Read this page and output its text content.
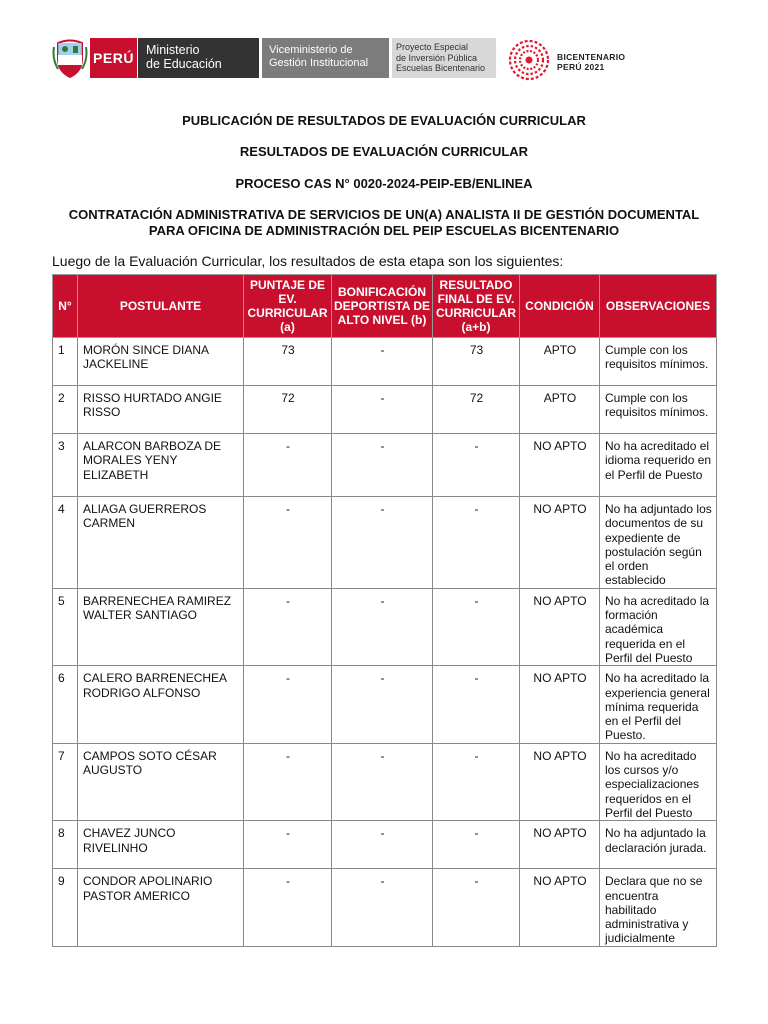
PERÚ Ministerio
de Educación
Viceministerio de
Gestión Institucional
Proyecto Especial
de Inversión Pública
Escuelas Bicentenario
BICENTENARIO
PERÚ 2021
PUBLICACIÓN DE RESULTADOS DE EVALUACIÓN CURRICULAR
RESULTADOS DE EVALUACIÓN CURRICULAR
PROCESO CAS N° 0020-2024-PEIP-EB/ENLINEA
CONTRATACIÓN ADMINISTRATIVA DE SERVICIOS DE UN(A) ANALISTA II DE GESTIÓN DOCUMENTAL
PARA OFICINA DE ADMINISTRACIÓN DEL PEIP ESCUELAS BICENTENARIO
Luego de la Evaluación Curricular, los resultados de esta etapa son los siguientes:
N°	POSTULANTE	PUNTAJE DE EV. CURRICULAR (a)	BONIFICACIÓN DEPORTISTA DE ALTO NIVEL (b)	RESULTADO FINAL DE EV. CURRICULAR (a+b)	CONDICIÓN	OBSERVACIONES
1	MORÓN SINCE DIANA JACKELINE	73	-	73	APTO	Cumple con los requisitos mínimos.
2	RISSO HURTADO ANGIE RISSO	72	-	72	APTO	Cumple con los requisitos mínimos.
3	ALARCON BARBOZA DE MORALES YENY ELIZABETH	-	-	-	NO APTO	No ha acreditado el idioma requerido en el Perfil de Puesto
4	ALIAGA GUERREROS CARMEN	-	-	-	NO APTO	No ha adjuntado los documentos de su expediente de postulación según el orden establecido
5	BARRENECHEA RAMIREZ WALTER SANTIAGO	-	-	-	NO APTO	No ha acreditado la formación académica requerida en el Perfil del Puesto
6	CALERO BARRENECHEA RODRIGO ALFONSO	-	-	-	NO APTO	No ha acreditado la experiencia general mínima requerida en el Perfil del Puesto.
7	CAMPOS SOTO CÉSAR AUGUSTO	-	-	-	NO APTO	No ha acreditado los cursos y/o especializaciones requeridos en el Perfil del Puesto
8	CHAVEZ JUNCO RIVELINHO	-	-	-	NO APTO	No ha adjuntado la declaración jurada.
9	CONDOR APOLINARIO PASTOR AMERICO	-	-	-	NO APTO	Declara que no se encuentra habilitado administrativa y judicialmente
